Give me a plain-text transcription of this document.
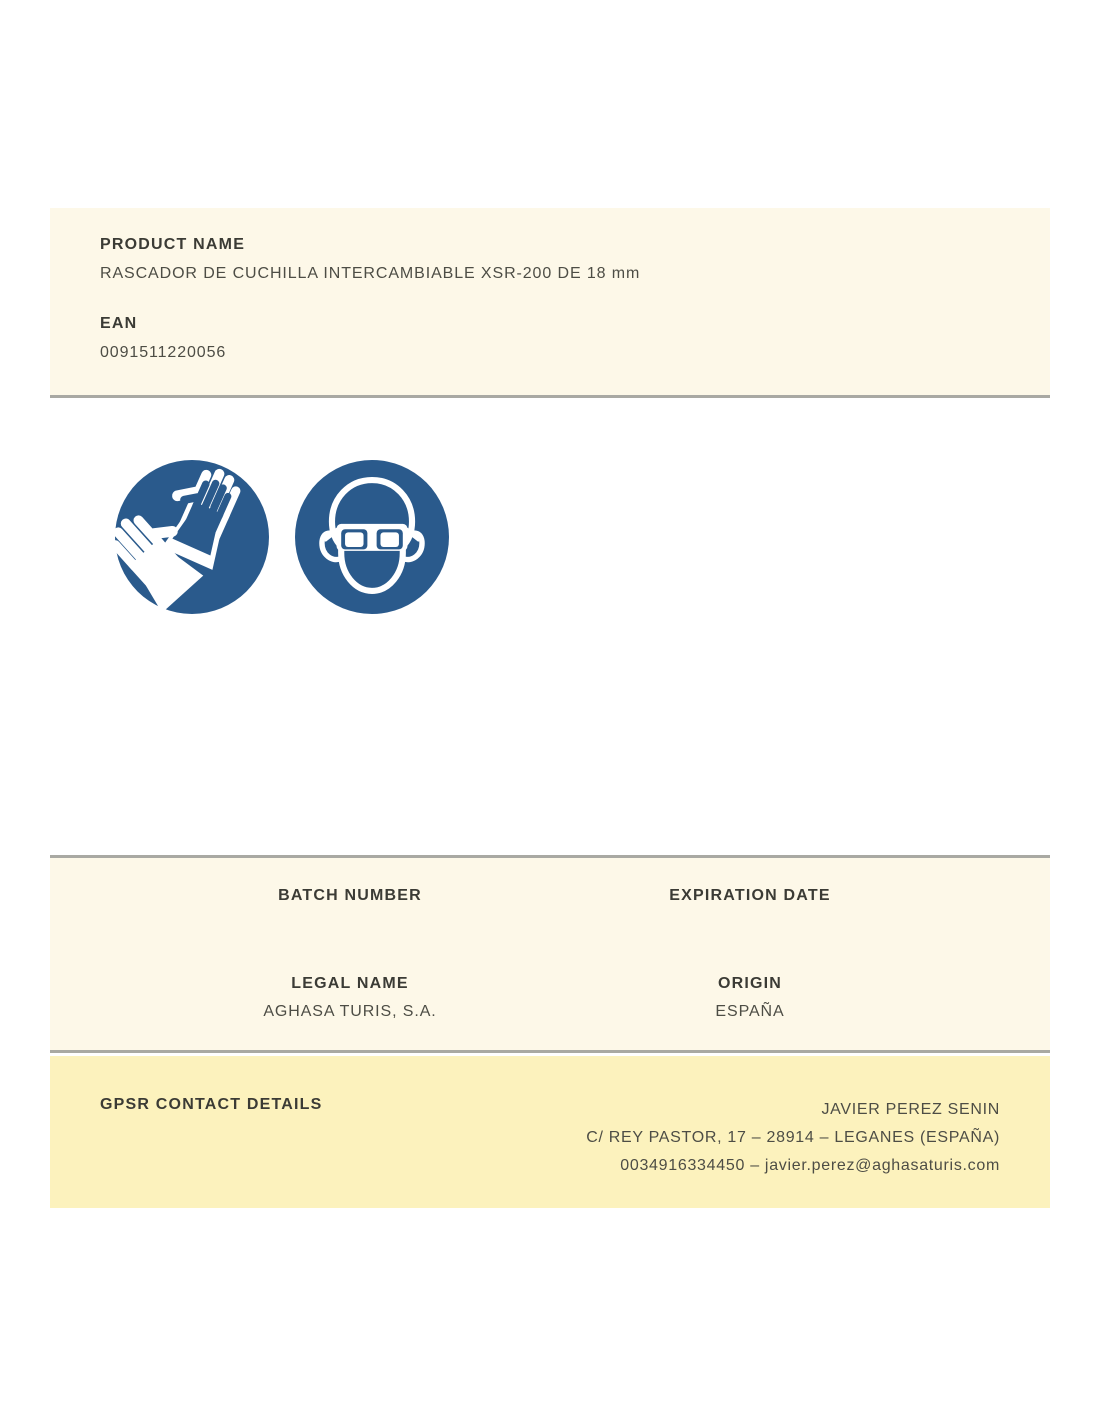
PRODUCT NAME
RASCADOR DE CUCHILLA INTERCAMBIABLE XSR-200 DE 18 mm
EAN
0091511220056
BATCH NUMBER
LEGAL NAME
AGHASA TURIS, S.A.
EXPIRATION DATE
ORIGIN
ESPAÑA
GPSR CONTACT DETAILS	JAVIER PEREZ SENIN
C/ REY PASTOR, 17 – 28914 – LEGANES (ESPAÑA)
0034916334450 – javier.perez@aghasaturis.com
